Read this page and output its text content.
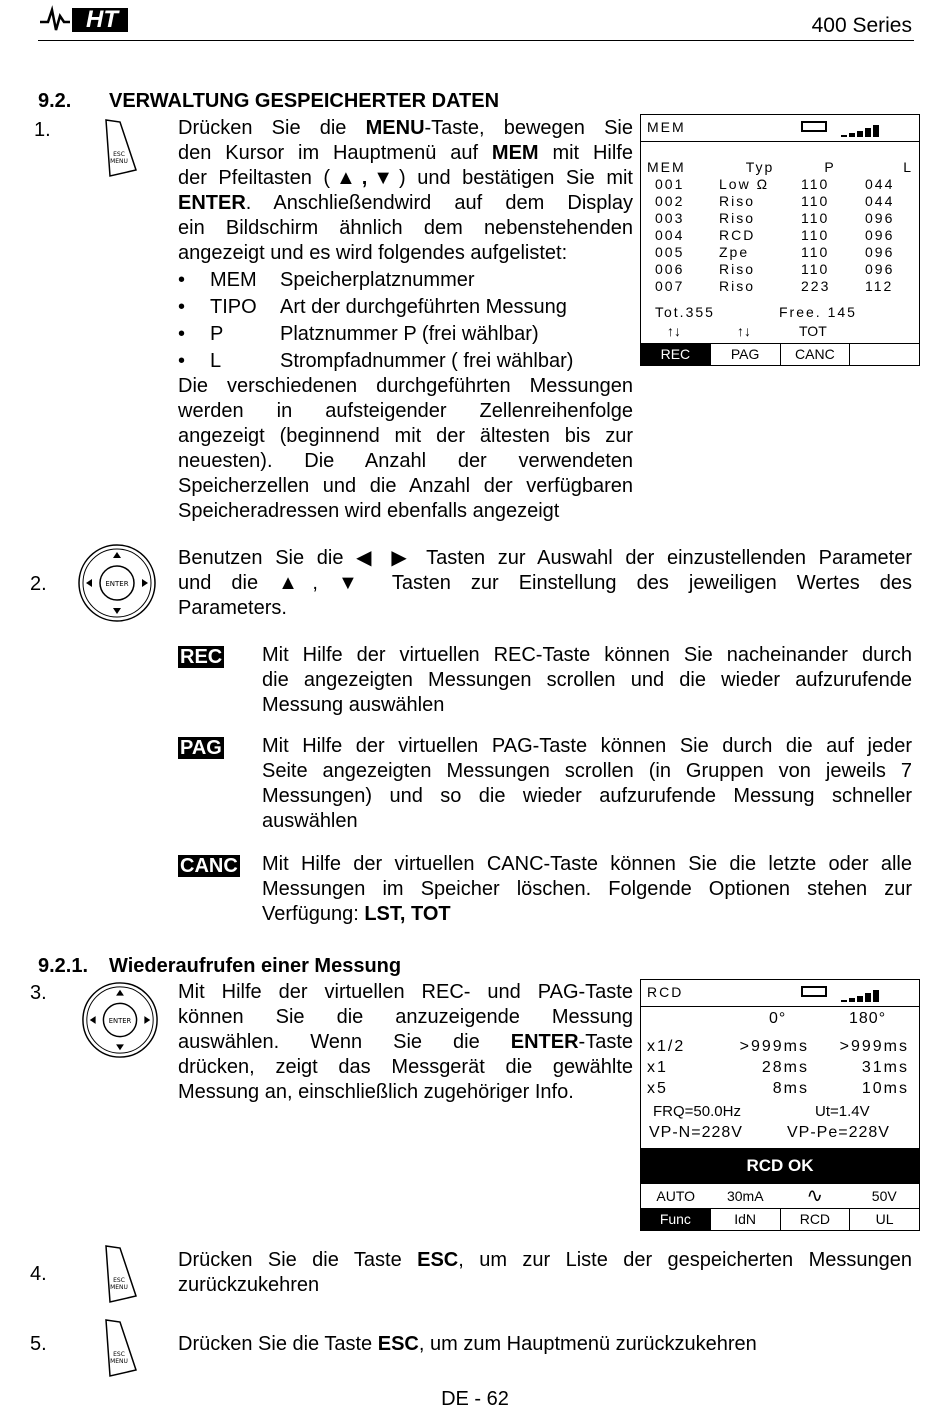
HT	400 Series
9.2. VERWALTUNG GESPEICHERTER DATEN
1.
ESC
MENU
Drücken Sie die MENU-Taste, bewegen Sie
den Kursor im Hauptmenü auf MEM mit Hilfe
der Pfeiltasten (▲,▼) und bestätigen Sie mit
ENTER. Anschließendwird auf dem Display
ein Bildschirm ähnlich dem nebenstehenden
angezeigt und es wird folgendes aufgelistet:
•	MEM	Speicherplatznummer
•	TIPO	Art der durchgeführten Messung
•	P	Platznummer P (frei wählbar)
•	L	Strompfadnummer ( frei wählbar)
Die verschiedenen durchgeführten Messungen
werden in aufsteigender Zellenreihenfolge
angezeigt (beginnend mit der ältesten bis zur
neuesten). Die Anzahl der verwendeten
Speicherzellen und die Anzahl der verfügbaren
Speicheradressen wird ebenfalls angezeigt
MEM
MEM	Typ	P	L
001	Low Ω	110	044
002	Riso	110	044
003	Riso	110	096
004	RCD	110	096
005	Zpe	110	096
006	Riso	110	096
007	Riso	223	112
Tot.355	Free. 145
↑↓	↑↓	TOT
REC	PAG	CANC
2.	ENTER
Benutzen Sie die ◀ ▶ Tasten zur Auswahl der einzustellenden Parameter
und die ▲, ▼ Tasten zur Einstellung des jeweiligen Wertes des
Parameters.
REC Mit Hilfe der virtuellen REC-Taste können Sie nacheinander durch
die angezeigten Messungen scrollen und die wieder aufzurufende
Messung auswählen
PAG Mit Hilfe der virtuellen PAG-Taste können Sie durch die auf jeder
Seite angezeigten Messungen scrollen (in Gruppen von jeweils 7
Messungen) und so die wieder aufzurufende Messung schneller
auswählen
CANC Mit Hilfe der virtuellen CANC-Taste können Sie die letzte oder alle
Messungen im Speicher löschen. Folgende Optionen stehen zur
Verfügung: LST, TOT
9.2.1. Wiederaufrufen einer Messung
3.
ENTER
Mit Hilfe der virtuellen REC- und PAG-Taste
können Sie die anzuzeigende Messung
auswählen. Wenn Sie die ENTER-Taste
drücken, zeigt das Messgerät die gewählte
Messung an, einschließlich zugehöriger Info.
RCD
0°	180°
x1/2	>999ms	>999ms
x1	28ms	31ms
x5	8ms	10ms
FRQ=50.0Hz	Ut=1.4V
VP-N=228V	VP-Pe=228V
RCD OK
AUTO	30mA	∿	50V
Func	IdN	RCD	UL
4.	ESC
MENU
Drücken Sie die Taste ESC, um zur Liste der gespeicherten Messungen
zurückzukehren
5.	ESC
MENU
Drücken Sie die Taste ESC, um zum Hauptmenü zurückzukehren
DE - 62
